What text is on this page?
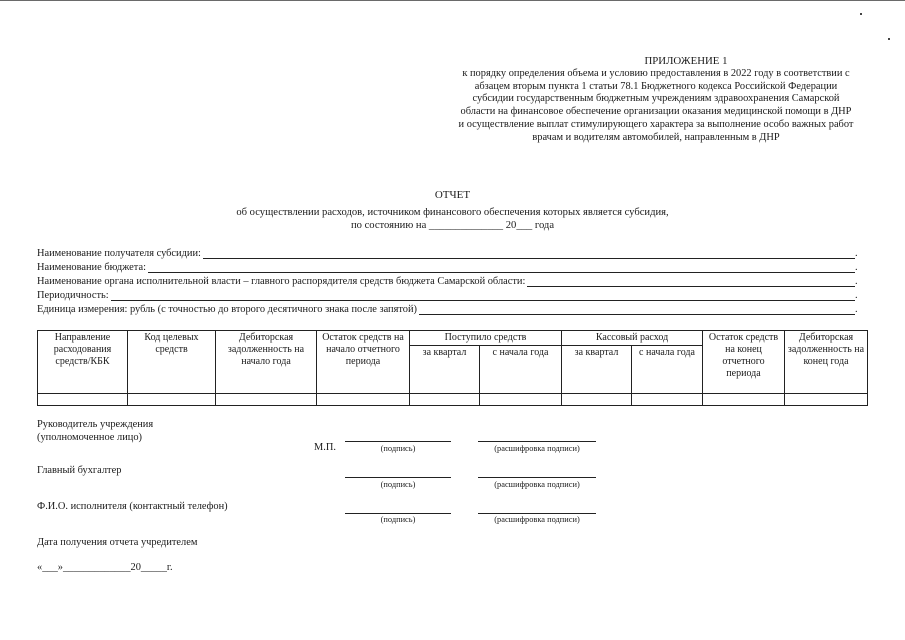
ПРИЛОЖЕНИЕ 1
к порядку определения объема и условию предоставления в 2022 году в соответствии с
абзацем вторым пункта 1 статьи 78.1 Бюджетного кодекса Российской Федерации
субсидии государственным бюджетным учреждениям здравоохранения Самарской
области на финансовое обеспечение организации оказания медицинской помощи в ДНР
и осуществление выплат стимулирующего характера за выполнение особо важных работ
врачам и водителям автомобилей, направленным в ДНР
ОТЧЕТ
об осуществлении расходов, источником финансового обеспечения которых является субсидия,
по состоянию на ______________ 20___ года
Наименование получателя субсидии:	.
Наименование бюджета:	.
Наименование органа исполнительной власти – главного распорядителя средств бюджета Самарской области:	.
Периодичность:	.
Единица измерения: рубль (с точностью до второго десятичного знака после запятой)	.
Направление расходования средств/КБК	Код целевых средств	Дебиторская задолженность на начало года	Остаток средств на начало отчетного периода	Поступило средств		Кассовый расход		Остаток средств на конец отчетного периода	Дебиторская задолженность на конец года
				за квартал	с начала года	за квартал	с начала года		

Руководитель учреждения
(уполномоченное лицо)
М.П.	(подпись)	(расшифровка подписи)
Главный бухгалтер
(подпись)	(расшифровка подписи)
Ф.И.О. исполнителя (контактный телефон)
(подпись)	(расшифровка подписи)
Дата получения отчета учредителем
«___»_____________20_____г.
